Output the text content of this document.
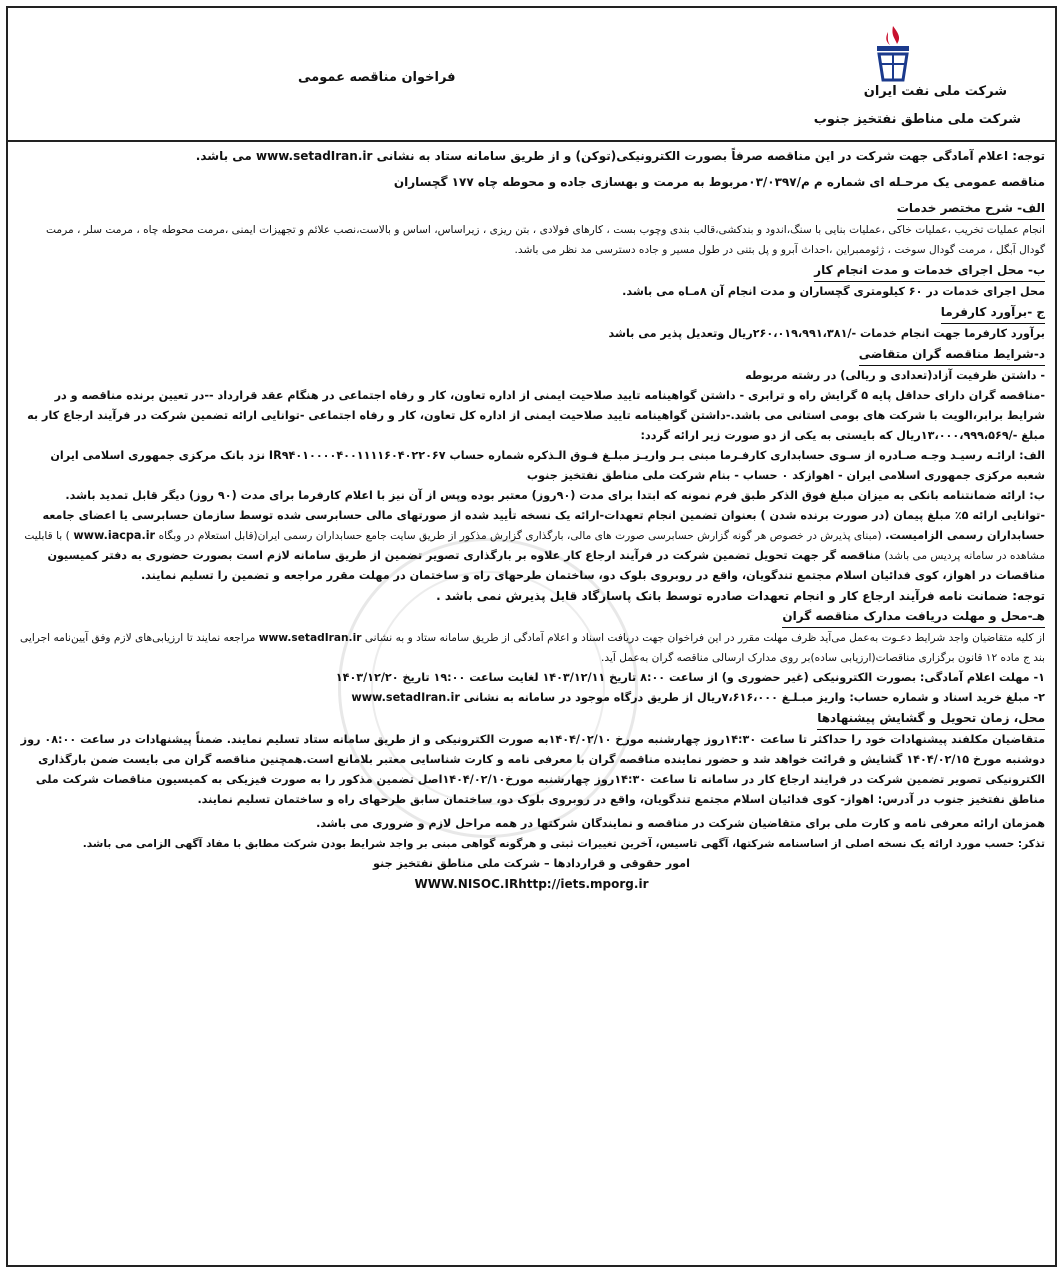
شرکت ملی نفت ایران
شرکت ملی مناطق نفتخیز جنوب
فراخوان مناقصه عمومی

توجه: اعلام آمادگی جهت شرکت در این مناقصه صرفاً بصورت الکترونیکی(توکن) و از طریق سامانه ستاد به نشانی www.setadIran.ir می باشد.

مناقصه عمومی یک مرحـله ای شماره م م/۰۳/۰۳۹۷مربوط به مرمت و بهسازی جاده و محوطه چاه ۱۷۷ گچساران

الف- شرح مختصر خدمات

انجام عملیات تخریب ،عملیات خاکی ،عملیات بنایی با سنگ،اندود و بندکشی،قالب بندی وچوب بست ، کارهای فولادی ، بتن ریزی ، زیراساس، اساس و بالاست،نصب علائم و تجهیزات ایمنی ،مرمت محوطه چاه ، مرمت سلر ، مرمت گودال آبگل ، مرمت گودال سوخت ، ژئوممبراین ،احداث آبرو و پل بتنی در طول مسیر و جاده دسترسی مد نظر می باشد.

ب- محل اجرای خدمات و مدت انجام کار

محل اجرای خدمات در ۶۰ کیلومتری گچساران و مدت انجام آن ۸مـاه می باشد.

ج -برآورد کارفرما

برآورد کارفرما جهت انجام خدمات -/۲۶۰،۰۱۹،۹۹۱،۳۸۱ریال وتعدیل پذیر می باشد

د-شرایط مناقصه گران متقاضی

- داشتن ظرفیت آزاد(تعدادی و ریالی) در رشته مربوطه

-مناقصه گران دارای حداقل پایه ۵ گرایش راه و ترابری - داشتن گواهینامه تایید صلاحیت ایمنی از اداره تعاون، کار و رفاه اجتماعی در هنگام عقد قرارداد --در تعیین برنده مناقصه و در شرایط برابر،الویت با شرکت های بومی استانی می باشد.-داشتن گواهینامه تایید صلاحیت ایمنی از اداره کل تعاون، کار و رفاه اجتماعی -توانایی ارائه تضمین شرکت در فرآیند ارجاع کار به مبلغ -/۱۳،۰۰۰،۹۹۹،۵۶۹ریال که بایستی به یکی از دو صورت زیر ارائه گردد:

الف: ارائـه رسیـد وجـه صـادره از سـوی حسابداری کارفـرما مبنی بـر واریـز مبلـغ فـوق الـذکره شماره حساب IR۹۴۰۱۰۰۰۰۴۰۰۱۱۱۱۶۰۴۰۲۲۰۶۷ نزد بانک مرکزی جمهوری اسلامی ایران شعبه مرکزی جمهوری اسلامی ایران - اهوازکد ۰ حساب - بنام شرکت ملی مناطق نفتخیز جنوب

ب: ارائه ضمانتنامه بانکی به میزان مبلغ فوق الذکر طبق فرم نمونه که ابتدا برای مدت (۹۰روز) معتبر بوده وپس از آن نیز با اعلام کارفرما برای مدت (۹۰ روز) دیگر قابل تمدید باشد.

-توانایی ارائه ۵٪ مبلغ پیمان (در صورت برنده شدن ) بعنوان تضمین انجام تعهدات-ارائه یک نسخه تأیید شده از صورتهای مالی حسابرسی شده توسط سازمان حسابرسی یا اعضای جامعه حسابداران رسمی الزامیست. (مبنای پذیرش در خصوص هر گونه گزارش حسابرسی صورت های مالی، بارگذاری گزارش مذکور از طریق سایت جامع حسابداران رسمی ایران(قابل استعلام در وبگاه www.iacpa.ir ) با قابلیت مشاهده در سامانه پردیس می باشد) مناقصه گر جهت تحویل تضمین شرکت در فرآیند ارجاع کار علاوه بر بارگذاری تصویر تضمین از طریق سامانه لازم است بصورت حضوری به دفتر کمیسیون مناقصات در اهواز، کوی فدائیان اسلام مجتمع تندگویان، واقع در روبروی بلوک دو، ساختمان طرحهای راه و ساختمان در مهلت مقرر مراجعه و تضمین را تسلیم نمایند.

توجه: ضمانت نامه فرآیند ارجاع کار و انجام تعهدات صادره توسط بانک پاسارگاد قابل پذیرش نمی باشد .

هـ-محل و مهلت دریافت مدارک مناقصه گران

از کلیه متقاضیان واجد شرایط دعـوت به‌عمل می‌آید ظرف مهلت مقرر در این فراخوان جهت دریافت اسناد و اعلام آمادگی از طریق سامانه ستاد و به نشانی www.setadIran.ir مراجعه نمایند تا ارزیابی‌های لازم وفق آیین‌نامه اجرایی بند ج ماده ۱۲ قانون برگزاری مناقصات(ارزیابی ساده)بر روی مدارک ارسالی مناقصه گران به‌عمل آید.

۱- مهلت اعلام آمادگی: بصورت الکترونیکی (غیر حضوری و) از ساعت ۸:۰۰ تاریخ ۱۴۰۳/۱۲/۱۱ لغایت ساعت ۱۹:۰۰ تاریخ ۱۴۰۳/۱۲/۲۰

۲- مبلغ خرید اسناد و شماره حساب: واریز مبـلـغ ۷،۶۱۶،۰۰۰ریال از طریق درگاه موجود در سامانه به نشانی www.setadIran.ir

محل، زمان تحویل و گشایش پیشنهادها

متقاضیان مکلفند پیشنهادات خود را حداکثر تا ساعت ۱۴:۳۰روز چهارشنبه مورخ ۱۴۰۴/۰۲/۱۰به صورت الکترونیکی و از طریق سامانه ستاد تسلیم نمایند. ضمناً پیشنهادات در ساعت ۰۸:۰۰ روز دوشنبه مورخ ۱۴۰۴/۰۲/۱۵ گشایش و قرائت خواهد شد و حضور نماینده مناقصه گران با معرفی نامه و کارت شناسایی معتبر بلامانع است.همچنین مناقصه گران می بایست ضمن بارگذاری الکترونیکی تصویر تضمین شرکت در فرایند ارجاع کار در سامانه تا ساعت ۱۴:۳۰روز چهارشنبه مورخ۱۴۰۴/۰۲/۱۰اصل تضمین مذکور را به صورت فیزیکی به کمیسیون مناقصات شرکت ملی مناطق نفتخیز جنوب در آدرس: اهواز- کوی فدائیان اسلام مجتمع تندگویان، واقع در روبروی بلوک دو، ساختمان سابق طرحهای راه و ساختمان تسلیم نمایند.

همزمان ارائه معرفی نامه و کارت ملی برای متقاضیان شرکت در مناقصه و نمایندگان شرکتها در همه مراحل لازم و ضروری می باشد.

تذکر: حسب مورد ارائه یک نسخه اصلی از اساسنامه شرکتها، آگهی تاسیس، آخرین تغییرات ثبتی و هرگونه گواهی مبنی بر واجد شرایط بودن شرکت مطابق با مفاد آگهی الزامی می باشد.

امور حقوقی و قراردادها – شرکت ملی مناطق نفتخیز جنو

WWW.NISOC.IRhttp://iets.mporg.ir
